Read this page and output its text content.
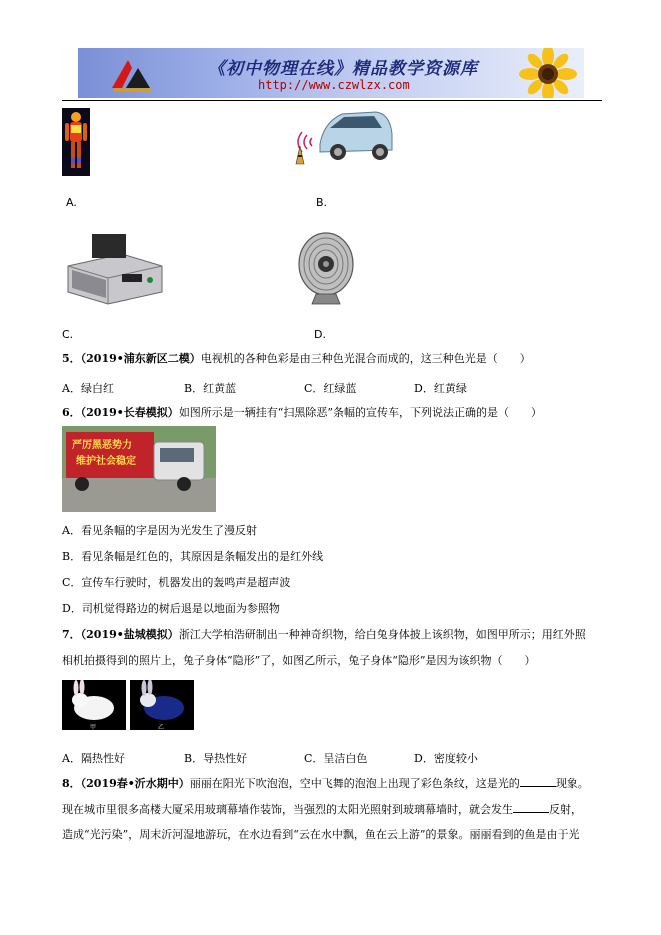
《初中物理在线》精品教学资源库
http://www.czwlzx.com
A.	B.
C.	D.
5．（2019•浦东新区二模）电视机的各种色彩是由三种色光混合而成的，这三种色光是（　　）
A．绿白红	B．红黄蓝	C．红绿蓝	D．红黄绿
6．（2019•长春模拟）如图所示是一辆挂有“扫黑除恶”条幅的宣传车，下列说法正确的是（　　）
严厉黑恶势力
维护社会稳定
A．看见条幅的字是因为光发生了漫反射
B．看见条幅是红色的，其原因是条幅发出的是红外线
C．宣传车行驶时，机器发出的轰鸣声是超声波
D．司机觉得路边的树后退是以地面为参照物
7．（2019•盐城模拟）浙江大学柏浩研制出一种神奇织物，给白兔身体披上该织物，如图甲所示；用红外照
相机拍摄得到的照片上，兔子身体“隐形”了，如图乙所示，兔子身体“隐形”是因为该织物（　　）
甲	乙
A．隔热性好	B．导热性好	C．呈洁白色	D．密度较小
8．（2019春•沂水期中）丽丽在阳光下吹泡泡，空中飞舞的泡泡上出现了彩色条纹，这是光的	现象。
现在城市里很多高楼大厦采用玻璃幕墙作装饰，当强烈的太阳光照射到玻璃幕墙时，就会发生	反射，
造成“光污染”，周末沂河湿地游玩，在水边看到“云在水中飘，鱼在云上游”的景象。丽丽看到的鱼是由于光
